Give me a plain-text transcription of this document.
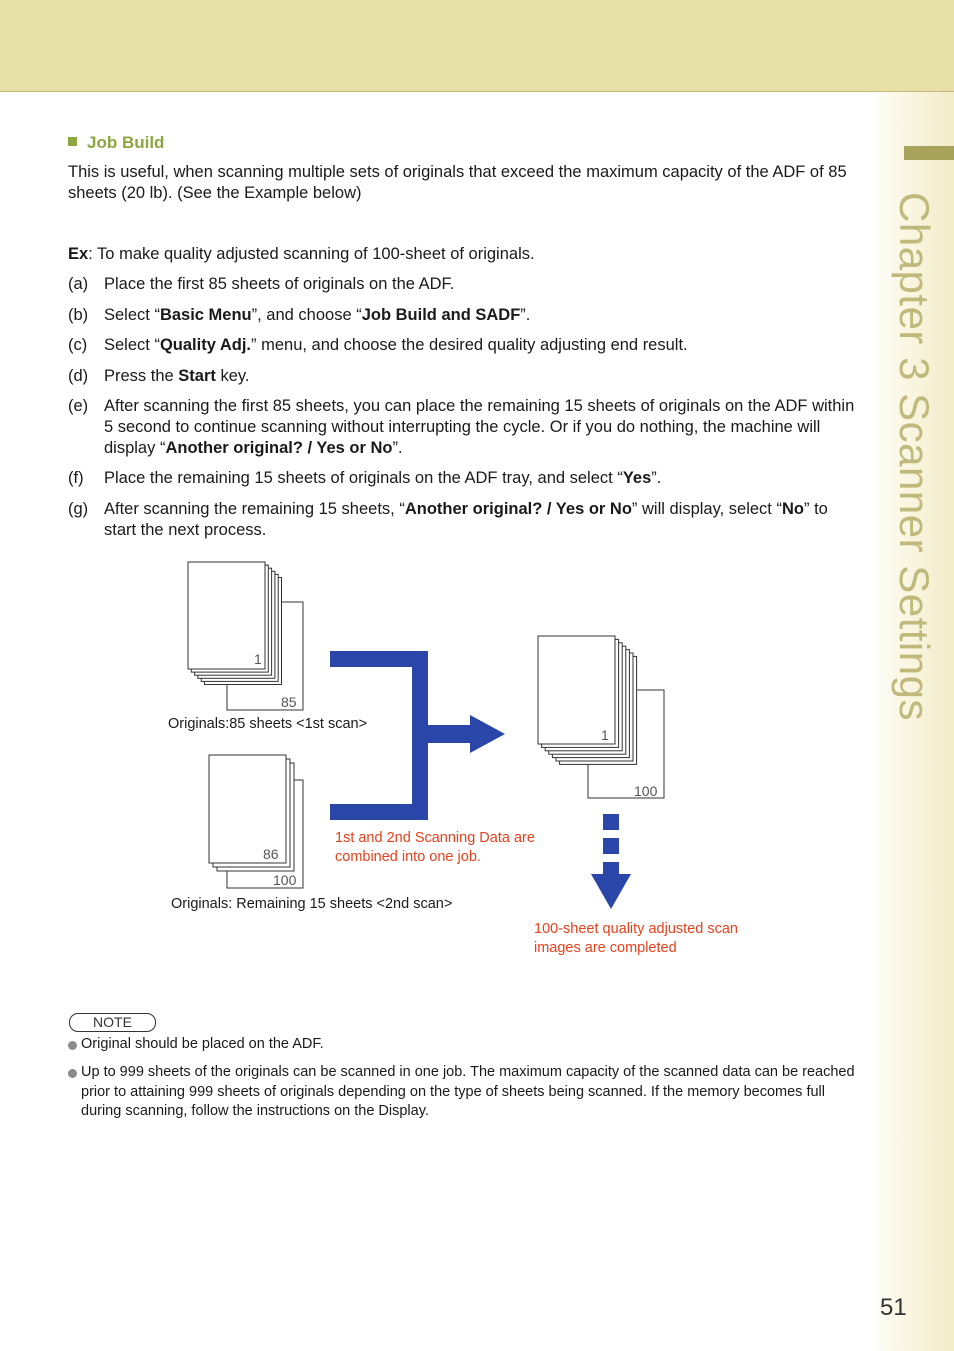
Chapter 3 Scanner Settings
Job Build
This is useful, when scanning multiple sets of originals that exceed the maximum capacity of the ADF of 85 sheets (20 lb). (See the Example below)
Ex: To make quality adjusted scanning of 100-sheet of originals.
(a) Place the first 85 sheets of originals on the ADF.
(b) Select “Basic Menu”, and choose “Job Build and SADF”.
(c) Select “Quality Adj.” menu, and choose the desired quality adjusting end result.
(d) Press the Start key.
(e) After scanning the first 85 sheets, you can place the remaining 15 sheets of originals on the ADF within 5 second to continue scanning without interrupting the cycle. Or if you do nothing, the machine will display “Another original? / Yes or No”.
(f) Place the remaining 15 sheets of originals on the ADF tray, and select “Yes”.
(g) After scanning the remaining 15 sheets, “Another original? / Yes or No” will display, select “No” to start the next process.
1
85
Originals:85 sheets <1st scan>
86
100
Originals: Remaining 15 sheets <2nd scan>
1
100
1st and 2nd Scanning Data are
combined into one job.
100-sheet quality adjusted scan
images are completed
NOTE
Original should be placed on the ADF.
Up to 999 sheets of the originals can be scanned in one job. The maximum capacity of the scanned data can be reached prior to attaining 999 sheets of originals depending on the type of sheets being scanned. If the memory becomes full during scanning, follow the instructions on the Display.
51
